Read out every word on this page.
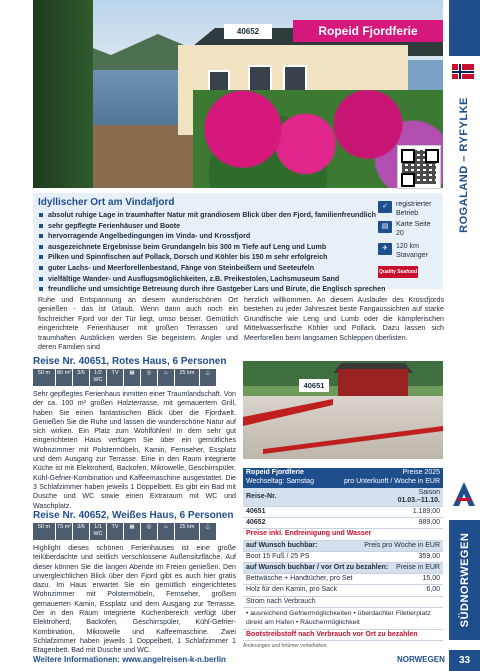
ROGALAND – RYFYLKE
SÜDNORWEGEN
33
40652	Ropeid Fjordferie
Idyllischer Ort am Vindafjord
absolut ruhige Lage in traumhafter Natur mit grandiosem Blick über den Fjord, familienfreundlich
sehr gepflegte Ferienhäuser und Boote
hervorragende Angelbedingungen im Vinda- und Krossfjord
ausgezeichnete Ergebnisse beim Grundangeln bis 300 m Tiefe auf Leng und Lumb
Pilken und Spinnfischen auf Pollack, Dorsch und Köhler bis 150 m sehr erfolgreich
guter Lachs- und Meerforellenbestand, Fänge von Steinbeißern und Seeteufeln
vielfältige Wander- und Ausflugsmöglichkeiten, z.B. Preikestolen, Lachsmuseum Sand
freundliche und umsichtige Betreuung durch ihre Gastgeber Lars und Birute, die Englisch sprechen
✓	registrierter Betrieb
▤	Karte Seite 20
✈	120 km Stavanger
Quality Seafood
Ruhe und Entspannung an diesem wunderschönen Ort genießen - das ist Urlaub. Wenn dann auch noch ein fischreicher Fjord vor der Tür liegt, umso besser. Gemütlich eingerichtete Ferienhäuser mit großen Terrassen und traumhaften Ausblicken werden Sie begeistern. Angler und deren Familien sind
herzlich willkommen. An diesem Ausläufer des Krossfjords bestehen zu jeder Jahreszeit beste Fangaussichten auf starke Grundfische wie Leng und Lumb oder die kämpferischen Mittelwasserfische Köhler und Pollack. Dazu lassen sich Meerforellen beim langsamen Schleppen überlisten.
Reise Nr. 40651, Rotes Haus, 6 Personen
50 m	80 m²	3/6	1/2 WC
TV	▦	◎	♨	25 km	⚓
Sehr gepflegtes Ferienhaus inmitten einer Traumlandschaft. Von der ca. 100 m² großen Holzterrasse, mit gemauertem Grill, haben Sie einen fantastischen Blick über die Fjordwelt. Genießen Sie die Ruhe und lassen die wunderschöne Natur auf sich wirken. Ein Platz zum Wohlfühlen! In dem sehr gut eingerichteten Haus verfügen Sie über ein gemütliches Wohnzimmer mit Polstermöbeln, Kamin, Fernseher, Essplatz und dem Ausgang zur Terrasse. Eine in den Raum integrierte Küche ist mit Elektroherd, Backofen, Mikrowelle, Geschirrspüler, Kühl-Gefrier-Kombination und Kaffeemaschine ausgestattet. Die 3 Schlafzimmer haben jeweils 1 Doppelbett. Es gibt ein Bad mit Dusche und WC sowie einen Extraraum mit WC und Waschplatz.
Reise Nr. 40652, Weißes Haus, 6 Personen
50 m	73 m²	3/6	1/1 WC
TV	▦	◎	♨	25 km	⚓
Highlight dieses schönen Ferienhauses ist eine große teilüberdachte und seitlich verschlossene Außensitzfläche. Auf dieser können Sie die langen Abende im Freien genießen. Den unvergleichlichen Blick über den Fjord gibt es auch hier gratis dazu. Im Haus erwartet Sie ein gemütlich eingerichtetes Wohnzimmer mit Polstermöbeln, Fernseher, großem gemauerten Kamin, Essplatz und dem Ausgang zur Terrasse. Der in den Raum integrierte Küchenbereich verfügt über Elektroherd, Backofen, Geschirrspüler, Kühl-Gefrier-Kombination, Mikrowelle und Kaffeemaschine. Zwei Schlafzimmer haben jeweils 1 Doppelbett, 1 Schlafzimmer 1 Etagenbett. Bad mit Dusche und WC.
40651
Ropeid Fjordferie
Wechseltag: Samstag
Preise 2025
pro Unterkunft / Woche in EUR
Reise-Nr.
Saison
01.03.–11.10.
40651	1.189,00
40652	989,00
Preise inkl. Endreinigung und Wasser
auf Wunsch buchbar:	Preis pro Woche in EUR
Boot 15 Fuß / 25 PS	359,00
auf Wunsch buchbar / vor Ort zu bezahlen: Preise in EUR
Bettwäsche + Handtücher, pro Set	15,00
Holz für den Kamin, pro Sack	6,00
Strom nach Verbrauch
• ausreichend Gefriermöglichkeiten • überdachter Filetierplatz direkt am Hafen • Räuchermöglichkeit
Bootstreibstoff nach Verbrauch vor Ort zu bezahlen
Änderungen und Irrtümer vorbehalten.
Weitere Informationen: www.angelreisen-k-n.berlin	NORWEGEN
